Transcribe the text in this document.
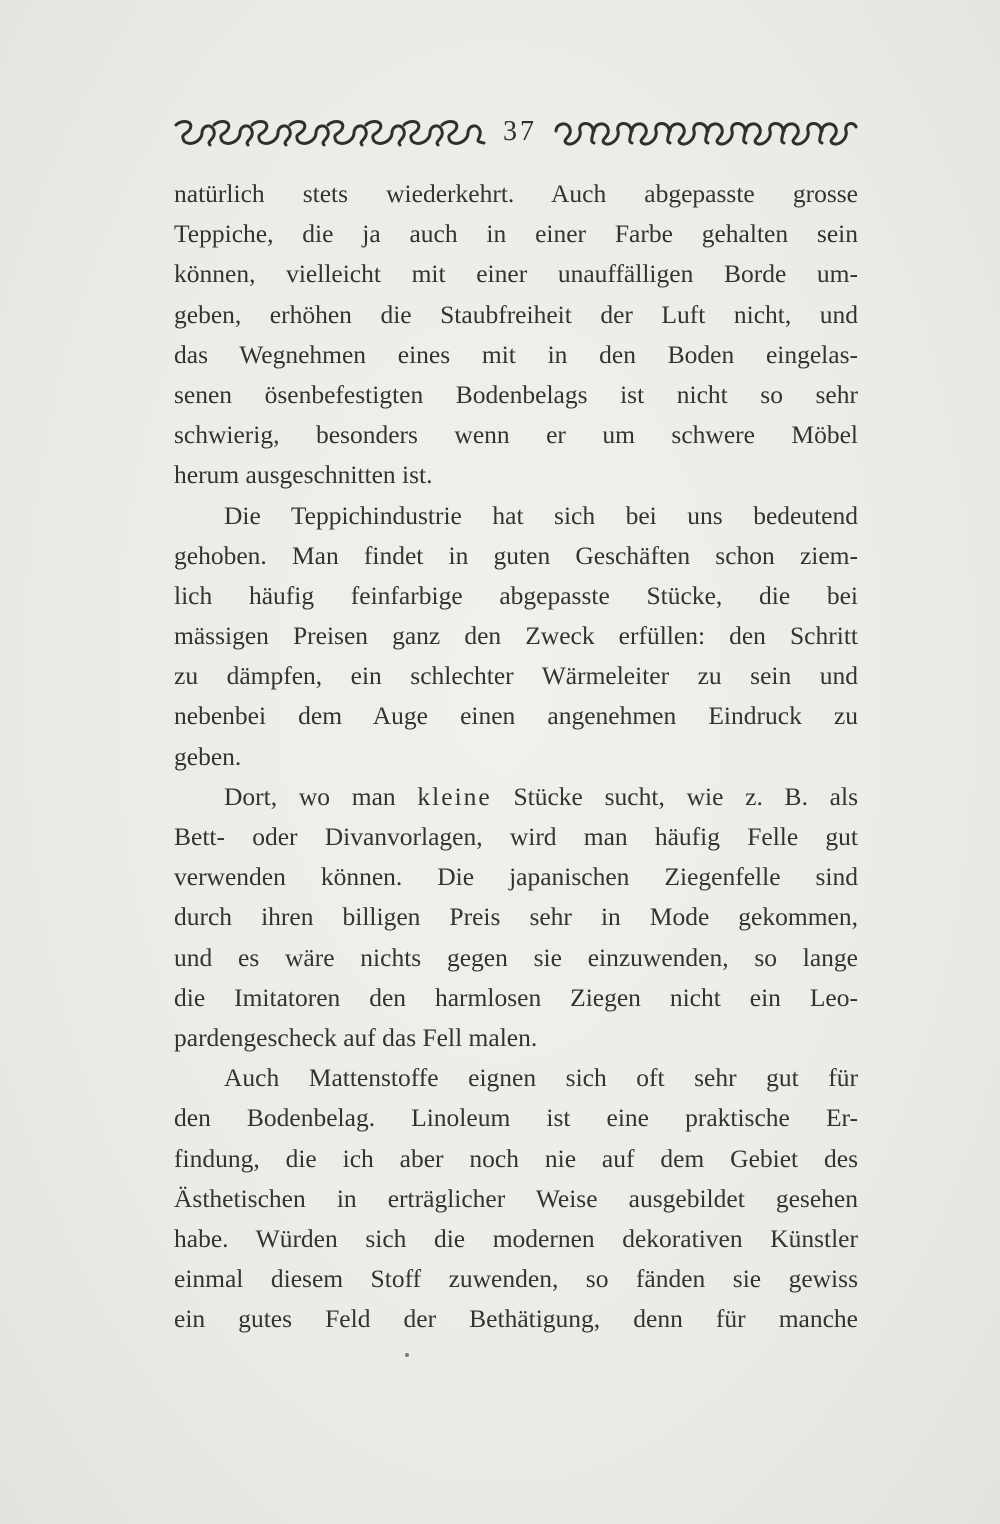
37
natürlich stets wiederkehrt. Auch abgepasste grosse
Teppiche, die ja auch in einer Farbe gehalten sein
können, vielleicht mit einer unauffälligen Borde um-
geben, erhöhen die Staubfreiheit der Luft nicht, und
das Wegnehmen eines mit in den Boden eingelas-
senen ösenbefestigten Bodenbelags ist nicht so sehr
schwierig, besonders wenn er um schwere Möbel
herum ausgeschnitten ist.
Die Teppichindustrie hat sich bei uns bedeutend
gehoben. Man findet in guten Geschäften schon ziem-
lich häufig feinfarbige abgepasste Stücke, die bei
mässigen Preisen ganz den Zweck erfüllen: den Schritt
zu dämpfen, ein schlechter Wärmeleiter zu sein und
nebenbei dem Auge einen angenehmen Eindruck zu
geben.
Dort, wo man kleine Stücke sucht, wie z. B. als
Bett- oder Divanvorlagen, wird man häufig Felle gut
verwenden können. Die japanischen Ziegenfelle sind
durch ihren billigen Preis sehr in Mode gekommen,
und es wäre nichts gegen sie einzuwenden, so lange
die Imitatoren den harmlosen Ziegen nicht ein Leo-
pardengescheck auf das Fell malen.
Auch Mattenstoffe eignen sich oft sehr gut für
den Bodenbelag. Linoleum ist eine praktische Er-
findung, die ich aber noch nie auf dem Gebiet des
Ästhetischen in erträglicher Weise ausgebildet gesehen
habe. Würden sich die modernen dekorativen Künstler
einmal diesem Stoff zuwenden, so fänden sie gewiss
ein gutes Feld der Bethätigung, denn für manche
